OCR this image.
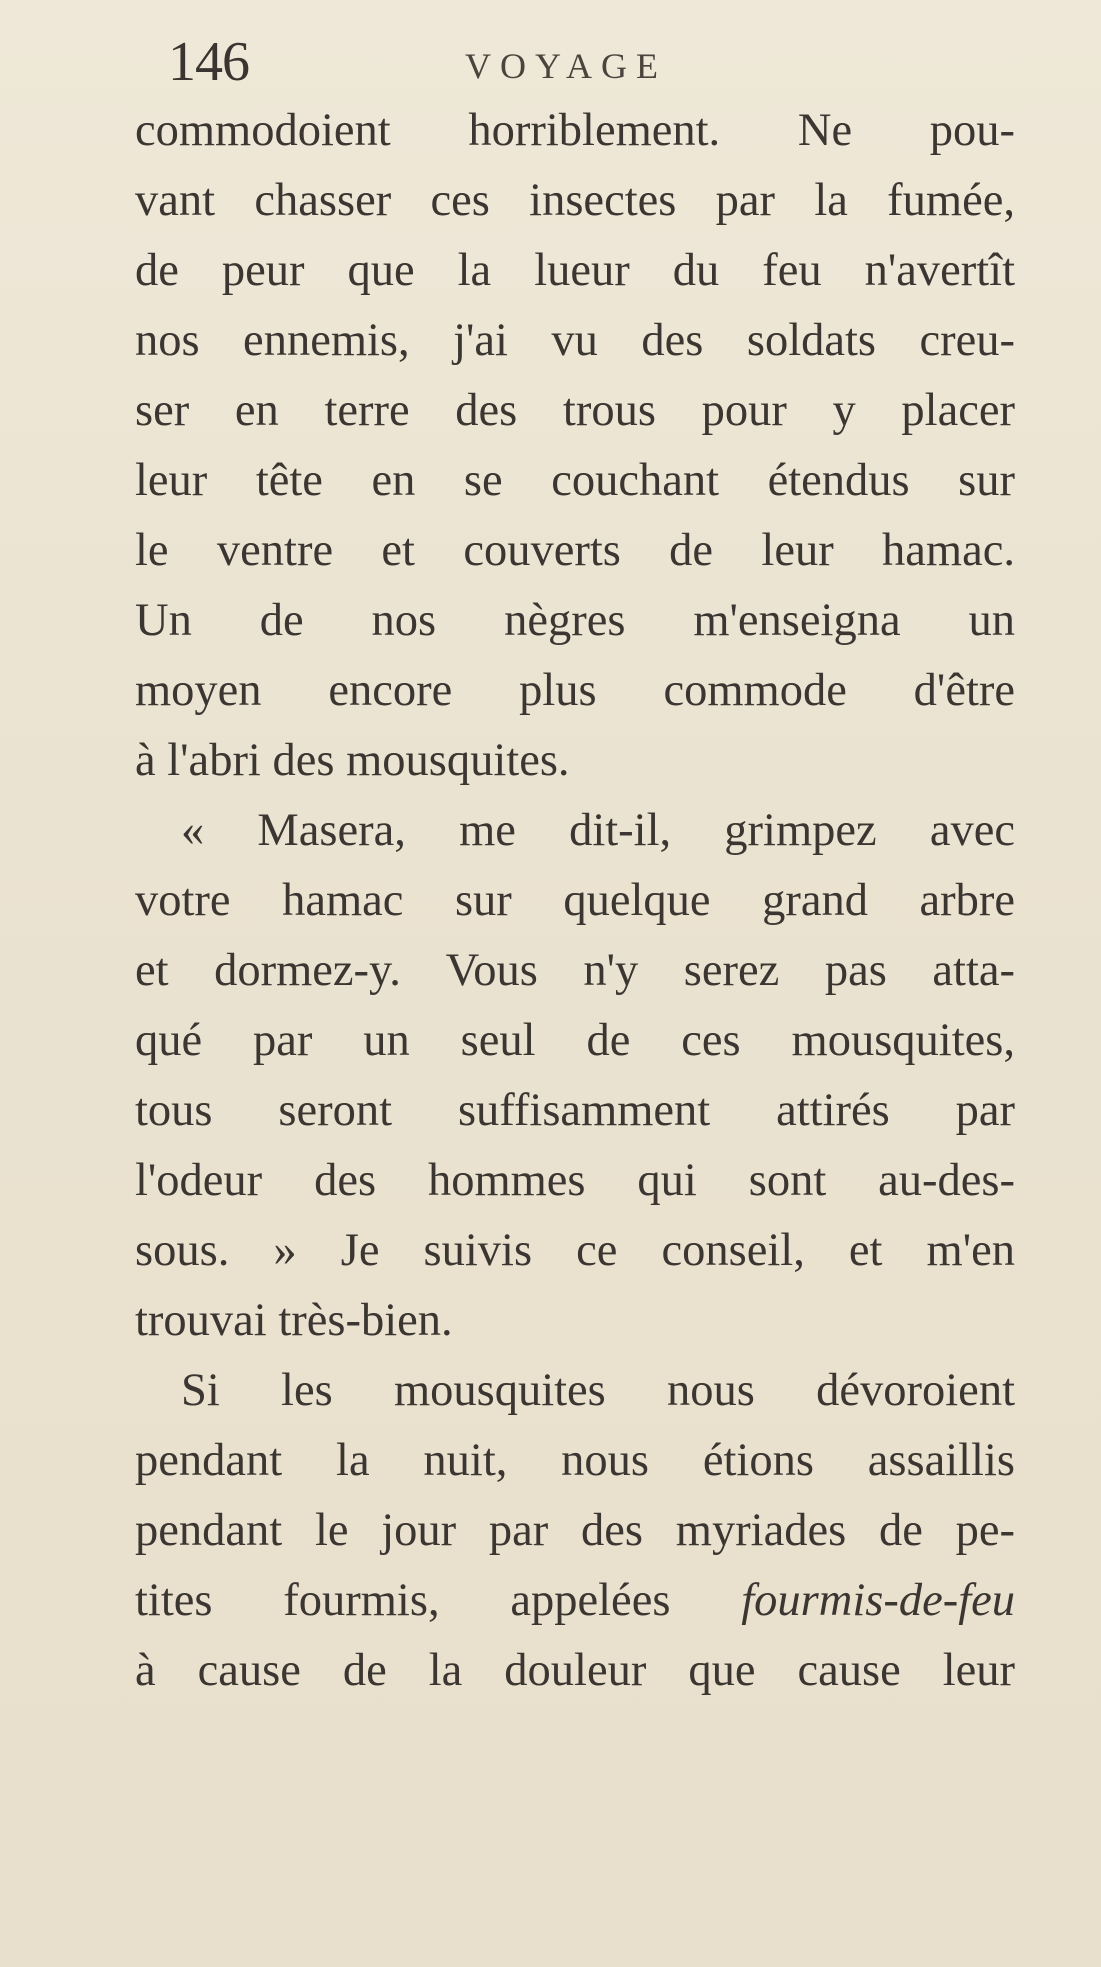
146	VOYAGE
commodoient horriblement. Ne pou-
vant chasser ces insectes par la fumée,
de peur que la lueur du feu n'avertît
nos ennemis, j'ai vu des soldats creu-
ser en terre des trous pour y placer
leur tête en se couchant étendus sur
le ventre et couverts de leur hamac.
Un de nos nègres m'enseigna un
moyen encore plus commode d'être
à l'abri des mousquites.
« Masera, me dit-il, grimpez avec
votre hamac sur quelque grand arbre
et dormez-y. Vous n'y serez pas atta-
qué par un seul de ces mousquites,
tous seront suffisamment attirés par
l'odeur des hommes qui sont au-des-
sous. » Je suivis ce conseil, et m'en
trouvai très-bien.
Si les mousquites nous dévoroient
pendant la nuit, nous étions assaillis
pendant le jour par des myriades de pe-
tites fourmis, appelées fourmis-de-feu
à cause de la douleur que cause leur
